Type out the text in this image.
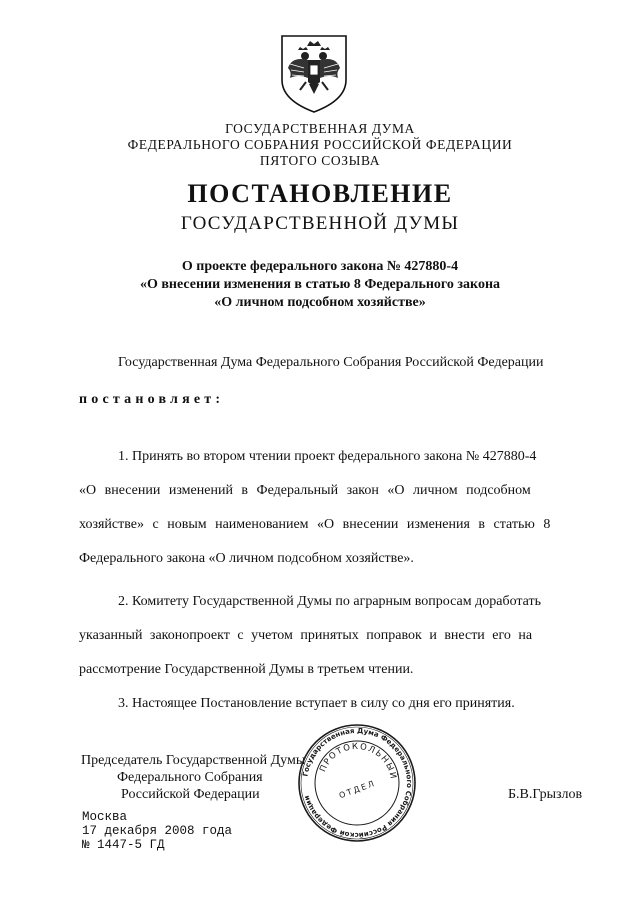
ГОСУДАРСТВЕННАЯ ДУМА
ФЕДЕРАЛЬНОГО СОБРАНИЯ РОССИЙСКОЙ ФЕДЕРАЦИИ
ПЯТОГО СОЗЫВА
ПОСТАНОВЛЕНИЕ
ГОСУДАРСТВЕННОЙ ДУМЫ
О проекте федерального закона № 427880-4
«О внесении изменения в статью 8 Федерального закона
«О личном подсобном хозяйстве»
Государственная Дума Федерального Собрания Российской Федерации
постановляет:
1. Принять во втором чтении проект федерального закона № 427880-4
«О внесении изменений в Федеральный закон «О личном подсобном
хозяйстве» с новым наименованием «О внесении изменения в статью 8
Федерального закона «О личном подсобном хозяйстве».
2. Комитету Государственной Думы по аграрным вопросам доработать
указанный законопроект с учетом принятых поправок и внести его на
рассмотрение Государственной Думы в третьем чтении.
3. Настоящее Постановление вступает в силу со дня его принятия.
Председатель Государственной Думы
Федерального Собрания
Российской Федерации	Б.В.Грызлов
Государственная Дума Федерального Собрания Российской Федерации
ПРОТОКОЛЬНЫЙ
ОТДЕЛ
Москва
17 декабря 2008 года
№ 1447-5 ГД
